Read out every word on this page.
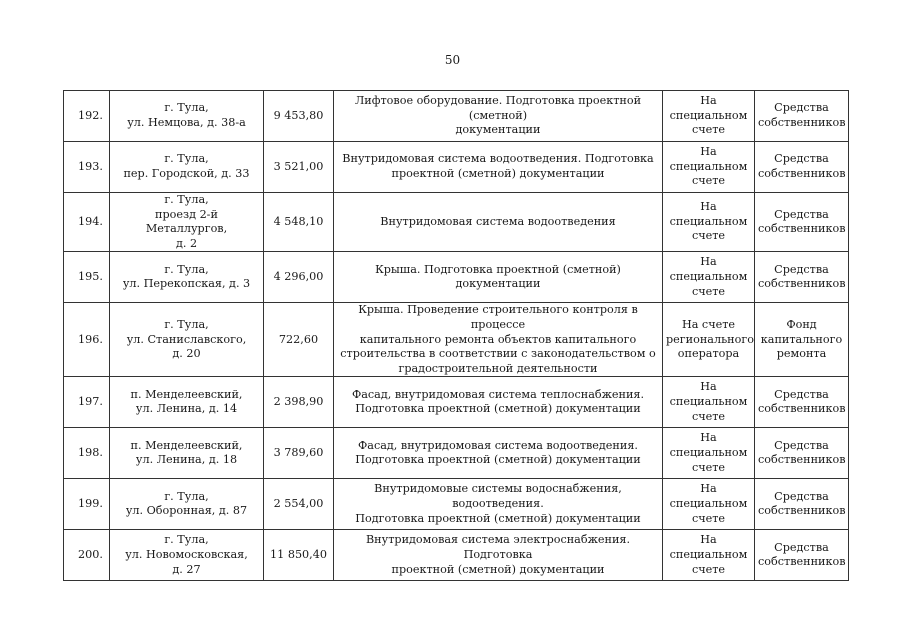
50
192.	г. Тула,
ул. Немцова, д. 38-а	9 453,80	Лифтовое оборудование. Подготовка проектной (сметной)
документации	На
специальном
счете	Средства
собственников

193.	г. Тула,
пер. Городской, д. 33	3 521,00	Внутридомовая система водоотведения. Подготовка
проектной (сметной) документации	На
специальном
счете	Средства
собственников

194.	г. Тула,
проезд 2-й Металлургов,
д. 2	4 548,10	Внутридомовая система водоотведения	На
специальном
счете	Средства
собственников

195.	г. Тула,
ул. Перекопская, д. 3	4 296,00	Крыша. Подготовка проектной (сметной) документации	На
специальном
счете	Средства
собственников

196.	г. Тула,
ул. Станиславского,
д. 20	722,60	Крыша. Проведение строительного контроля в процессе
капитального ремонта объектов капитального
строительства в соответствии с законодательством о
градостроительной деятельности	На счете
регионального
оператора	Фонд
капитального
ремонта

197.	п. Менделеевский,
ул. Ленина, д. 14	2 398,90	Фасад, внутридомовая система теплоснабжения.
Подготовка проектной (сметной) документации	На
специальном
счете	Средства
собственников

198.	п. Менделеевский,
ул. Ленина, д. 18	3 789,60	Фасад, внутридомовая система водоотведения.
Подготовка проектной (сметной) документации	На
специальном
счете	Средства
собственников

199.	г. Тула,
ул. Оборонная, д. 87	2 554,00	Внутридомовые системы водоснабжения, водоотведения.
Подготовка проектной (сметной) документации	На
специальном
счете	Средства
собственников

200.	г. Тула,
ул. Новомосковская,
д. 27	11 850,40	Внутридомовая система электроснабжения. Подготовка
проектной (сметной) документации	На
специальном
счете	Средства
собственников
